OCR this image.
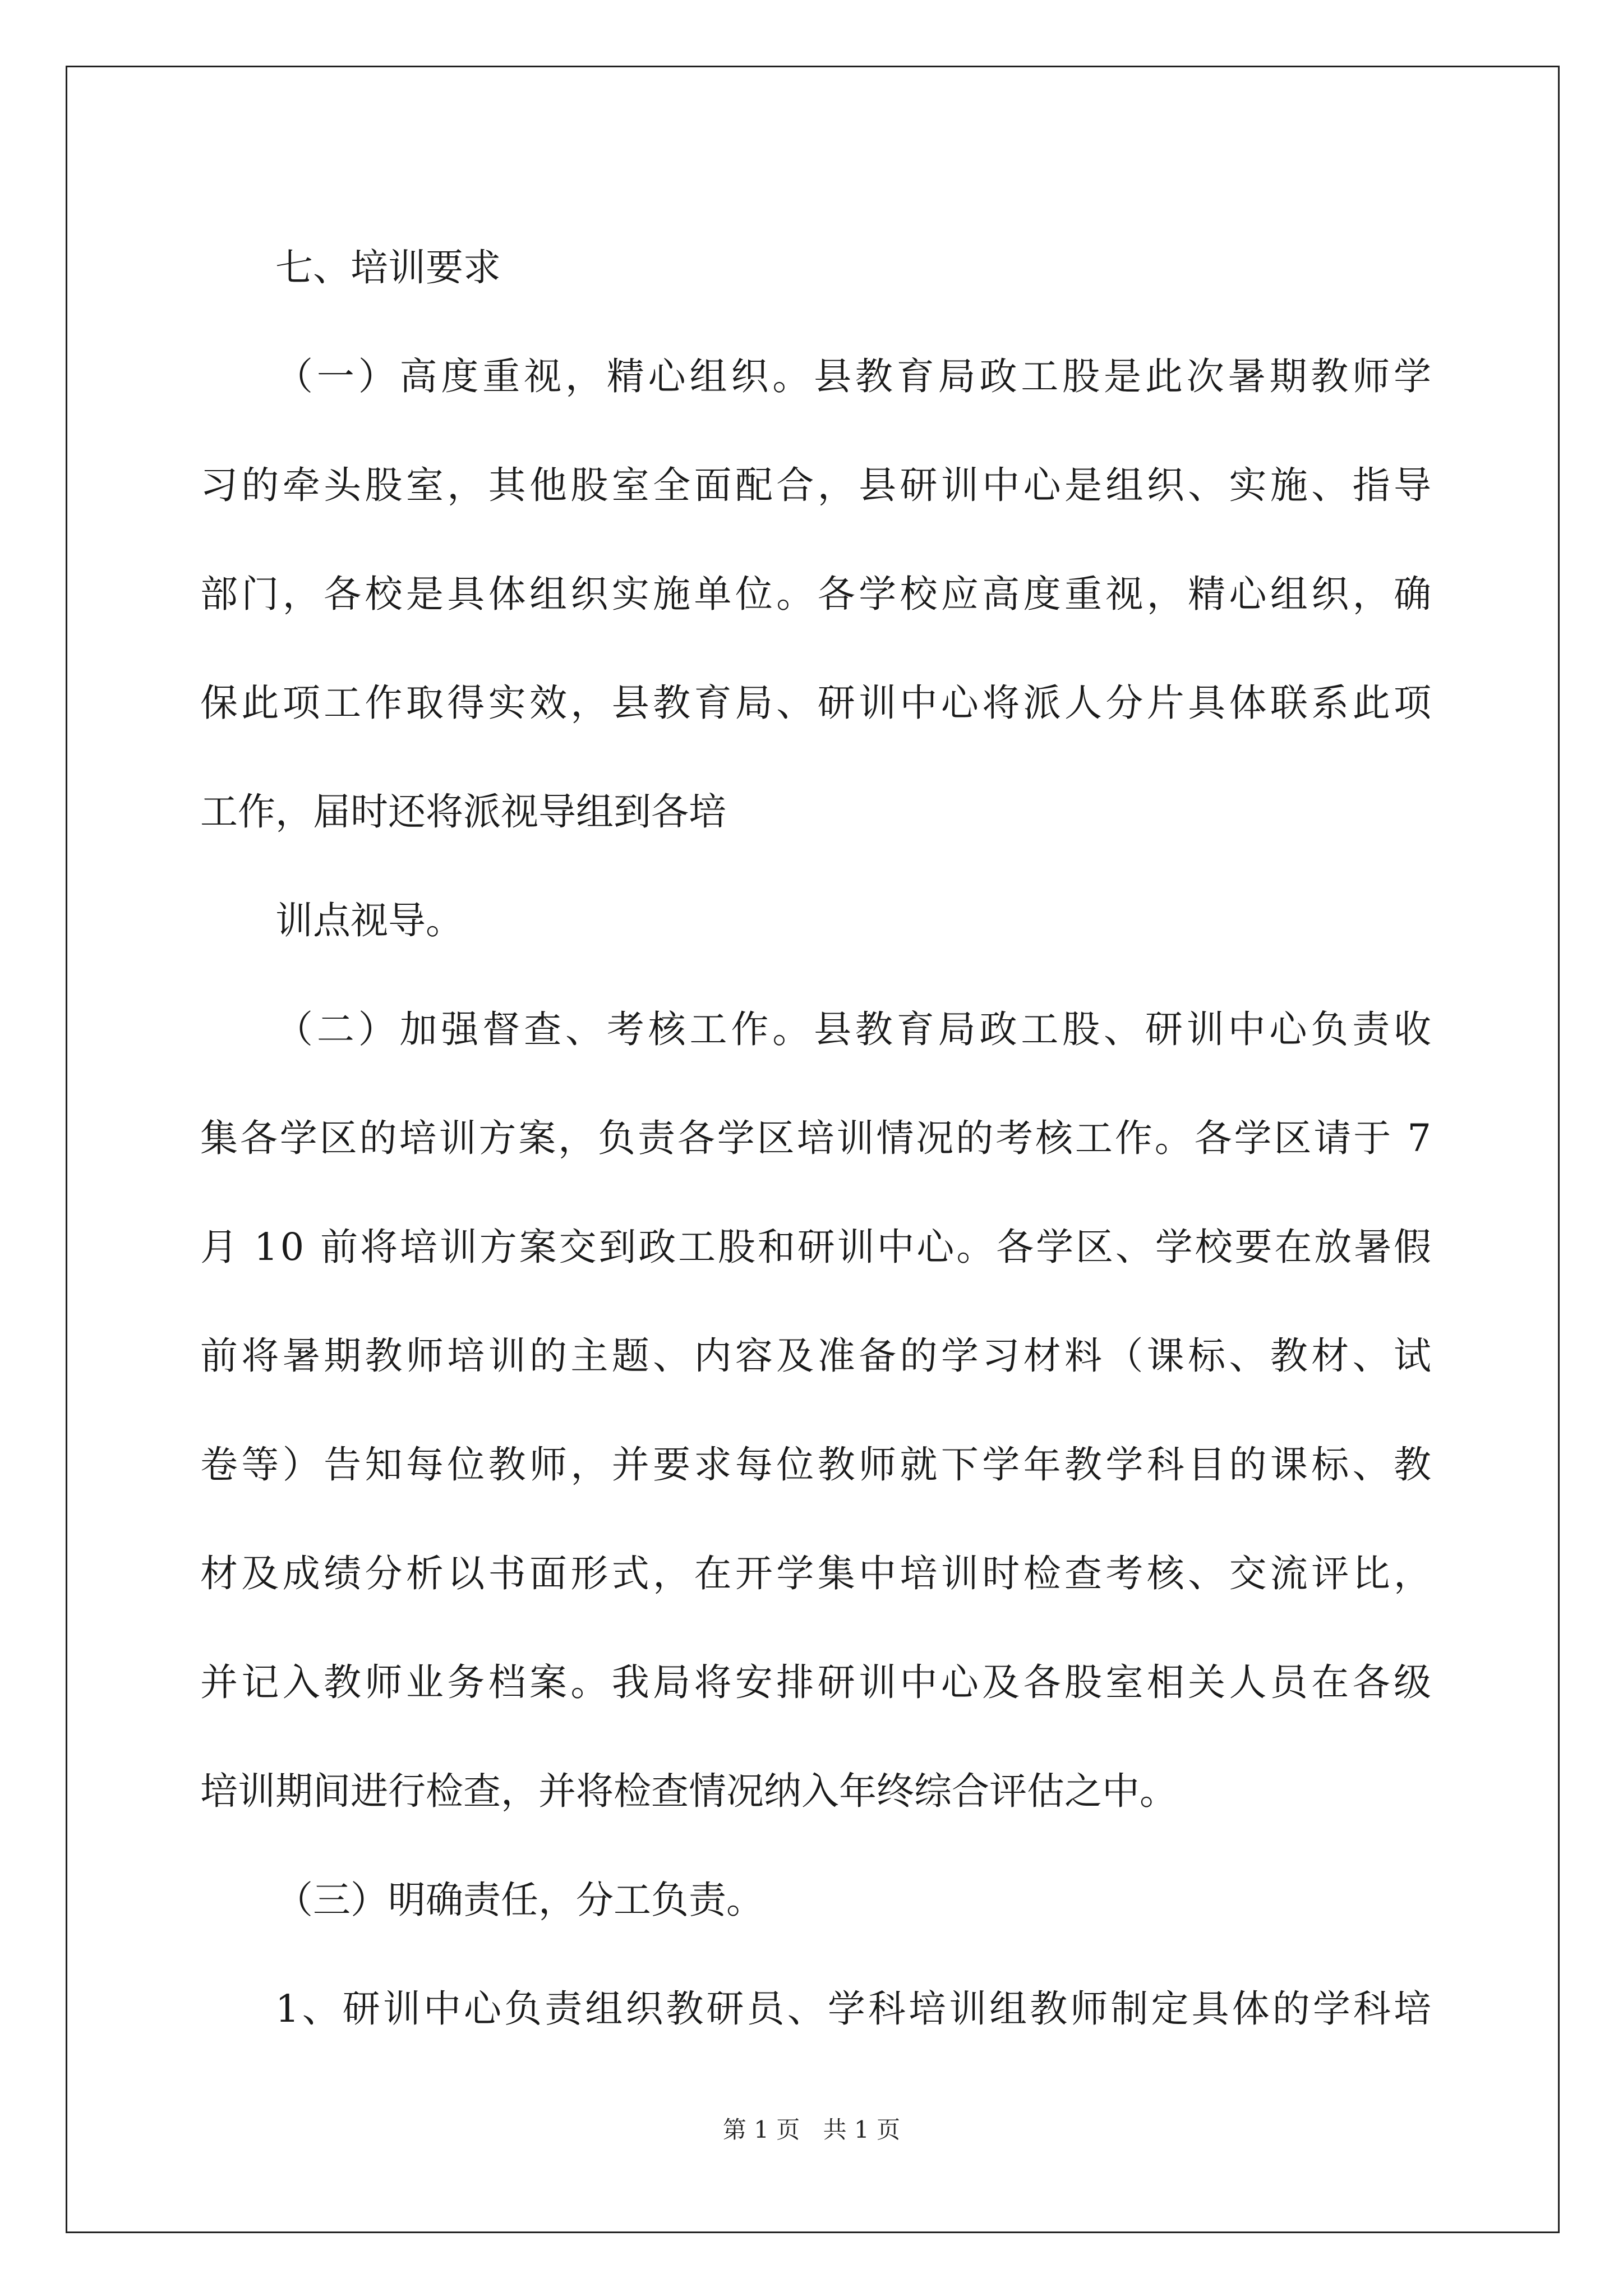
七、培训要求
（一）高度重视，精心组织。县教育局政工股是此次暑期教师学
习的牵头股室，其他股室全面配合，县研训中心是组织、实施、指导
部门，各校是具体组织实施单位。各学校应高度重视，精心组织，确
保此项工作取得实效，县教育局、研训中心将派人分片具体联系此项
工作，届时还将派视导组到各培
训点视导。
（二）加强督查、考核工作。县教育局政工股、研训中心负责收
集各学区的培训方案，负责各学区培训情况的考核工作。各学区请于 7
月 10 前将培训方案交到政工股和研训中心。各学区、学校要在放暑假
前将暑期教师培训的主题、内容及准备的学习材料（课标、教材、试
卷等）告知每位教师，并要求每位教师就下学年教学科目的课标、教
材及成绩分析以书面形式，在开学集中培训时检查考核、交流评比，
并记入教师业务档案。我局将安排研训中心及各股室相关人员在各级
培训期间进行检查，并将检查情况纳入年终综合评估之中。
（三）明确责任，分工负责。
1、研训中心负责组织教研员、学科培训组教师制定具体的学科培
第 1 页 共 1 页
